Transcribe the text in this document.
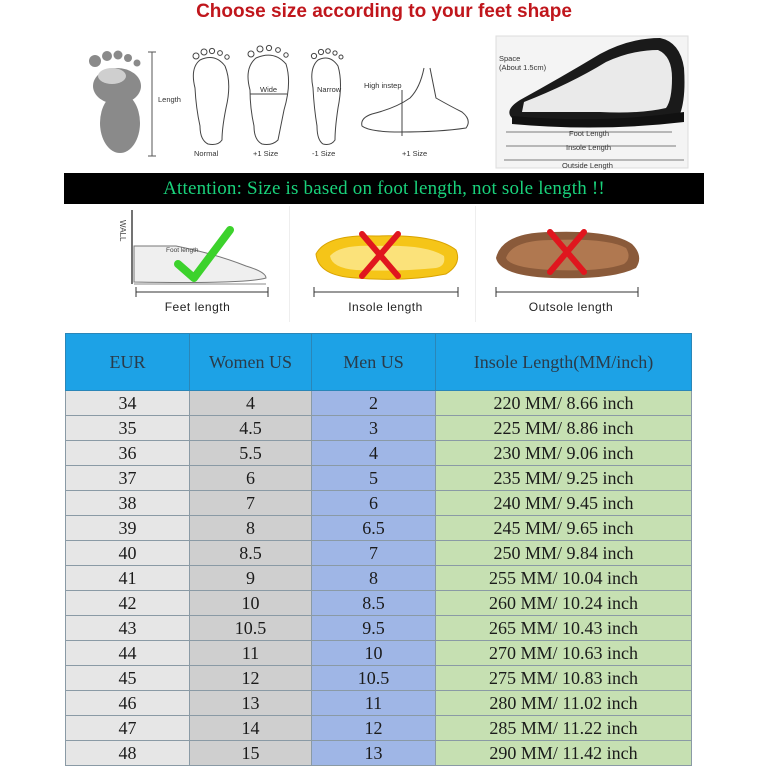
Choose size according to your feet shape
Length
Normal
Wide
+1 Size
Narrow
-1 Size
High instep
+1 Size
Space
(About 1.5cm)
Foot Length
Insole Length
Outside Length
Attention: Size is based on foot length, not sole length !!
WALL
Foot length
Feet length	Insole length	Outsole length
EUR	Women US	Men US	Insole Length(MM/inch)
34	4	2	220 MM/ 8.66 inch
35	4.5	3	225 MM/ 8.86 inch
36	5.5	4	230 MM/ 9.06 inch
37	6	5	235 MM/ 9.25 inch
38	7	6	240 MM/ 9.45 inch
39	8	6.5	245 MM/ 9.65 inch
40	8.5	7	250 MM/ 9.84 inch
41	9	8	255 MM/ 10.04 inch
42	10	8.5	260 MM/ 10.24 inch
43	10.5	9.5	265 MM/ 10.43 inch
44	11	10	270 MM/ 10.63 inch
45	12	10.5	275 MM/ 10.83 inch
46	13	11	280 MM/ 11.02 inch
47	14	12	285 MM/ 11.22 inch
48	15	13	290 MM/ 11.42 inch
